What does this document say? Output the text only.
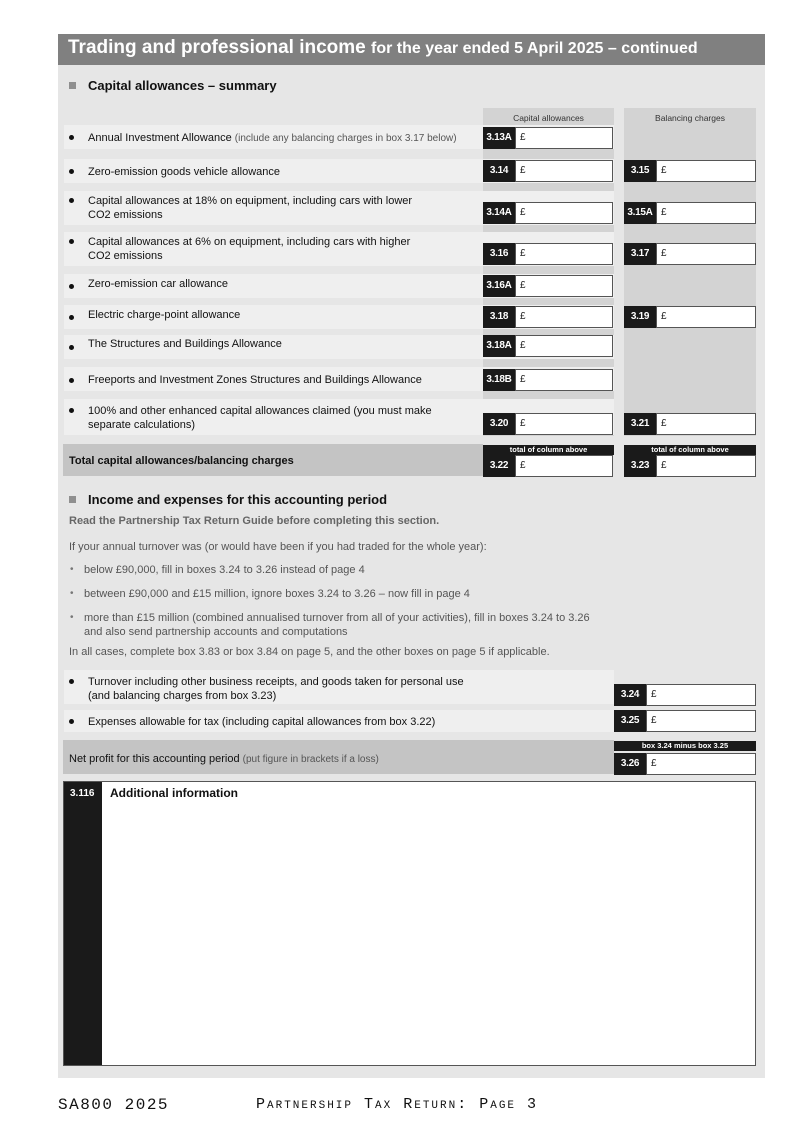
Trading and professional income for the year ended 5 April 2025 – continued
Capital allowances – summary
Capital allowances	Balancing charges
Annual Investment Allowance (include any balancing charges in box 3.17 below)	3.13A £
Zero-emission goods vehicle allowance	3.14	£	3.15	£
Capital allowances at 18% on equipment, including cars with lower
CO2 emissions	3.14A £	3.15A £
Capital allowances at 6% on equipment, including cars with higher
CO2 emissions	3.16	£	3.17	£
Zero-emission car allowance	3.16A £
Electric charge-point allowance	3.18	£	3.19	£
The Structures and Buildings Allowance	3.18A £
Freeports and Investment Zones Structures and Buildings Allowance	3.18B £
100% and other enhanced capital allowances claimed (you must make
separate calculations)	3.20	£	3.21	£
Total capital allowances/balancing charges
total of column above	total of column above
3.22	£	3.23	£
Income and expenses for this accounting period
Read the Partnership Tax Return Guide before completing this section.
If your annual turnover was (or would have been if you had traded for the whole year):
• below £90,000, fill in boxes 3.24 to 3.26 instead of page 4
• between £90,000 and £15 million, ignore boxes 3.24 to 3.26 – now fill in page 4
• more than £15 million (combined annualised turnover from all of your activities), fill in boxes 3.24 to 3.26
and also send partnership accounts and computations
In all cases, complete box 3.83 or box 3.84 on page 5, and the other boxes on page 5 if applicable.
Turnover including other business receipts, and goods taken for personal use
(and balancing charges from box 3.23)	3.24	£
Expenses allowable for tax (including capital allowances from box 3.22)	3.25	£
Net profit for this accounting period (put figure in brackets if a loss)
box 3.24 minus box 3.25
3.26	£
3.116 Additional information
SA800 2025	Partnership Tax Return: Page 3
